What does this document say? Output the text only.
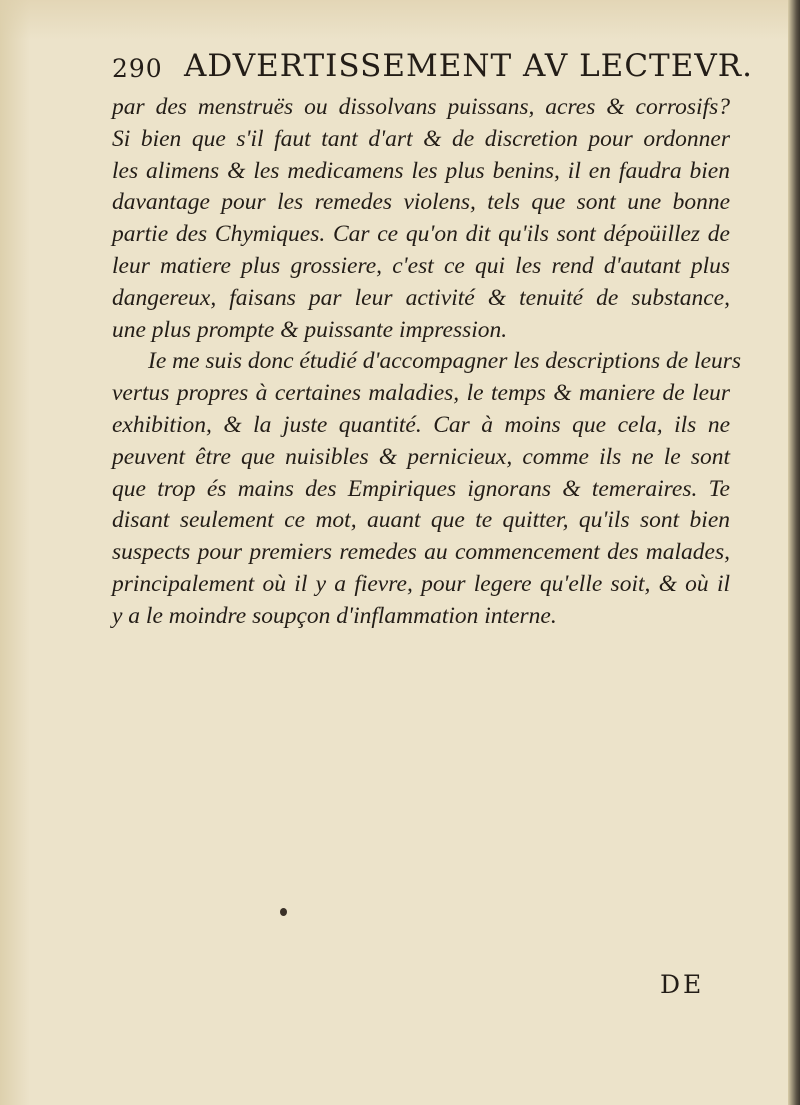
290 ADVERTISSEMENT AV LECTEVR.
par des menstruës ou dissolvans puissans, acres & corrosifs?
Si bien que s'il faut tant d'art & de discretion pour ordonner
les alimens & les medicamens les plus benins, il en faudra bien
davantage pour les remedes violens, tels que sont une bonne
partie des Chymiques. Car ce qu'on dit qu'ils sont dépoüillez de
leur matiere plus grossiere, c'est ce qui les rend d'autant plus
dangereux, faisans par leur activité & tenuité de substance,
une plus prompte & puissante impression.
Ie me suis donc étudié d'accompagner les descriptions de leurs
vertus propres à certaines maladies, le temps & maniere de leur
exhibition, & la juste quantité. Car à moins que cela, ils ne
peuvent être que nuisibles & pernicieux, comme ils ne le sont
que trop és mains des Empiriques ignorans & temeraires. Te
disant seulement ce mot, auant que te quitter, qu'ils sont bien
suspects pour premiers remedes au commencement des malades,
principalement où il y a fievre, pour legere qu'elle soit, & où il
y a le moindre soupçon d'inflammation interne.
DE
